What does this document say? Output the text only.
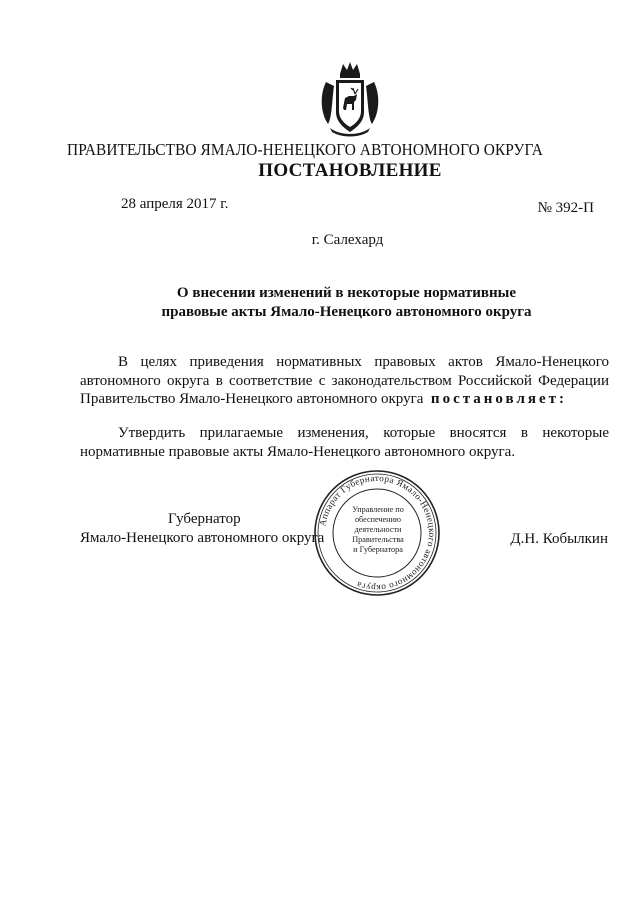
ПРАВИТЕЛЬСТВО ЯМАЛО-НЕНЕЦКОГО АВТОНОМНОГО ОКРУГА
ПОСТАНОВЛЕНИЕ
28 апреля 2017 г.	№ 392-П
г. Салехард
О внесении изменений в некоторые нормативные
правовые акты Ямало-Ненецкого автономного округа
В целях приведения нормативных правовых актов Ямало-Ненецкого
автономного округа в соответствие с законодательством Российской Федерации
Правительство Ямало-Ненецкого автономного округа постановляет:
Утвердить прилагаемые изменения, которые вносятся в некоторые
нормативные правовые акты Ямало-Ненецкого автономного округа.
Губернатор
Ямало-Ненецкого автономного округа
Аппарат Губернатора Ямало-Ненецкого автономного округа
Управление по
обеспечению
деятельности
Правительства
и Губернатора
Д.Н. Кобылкин
